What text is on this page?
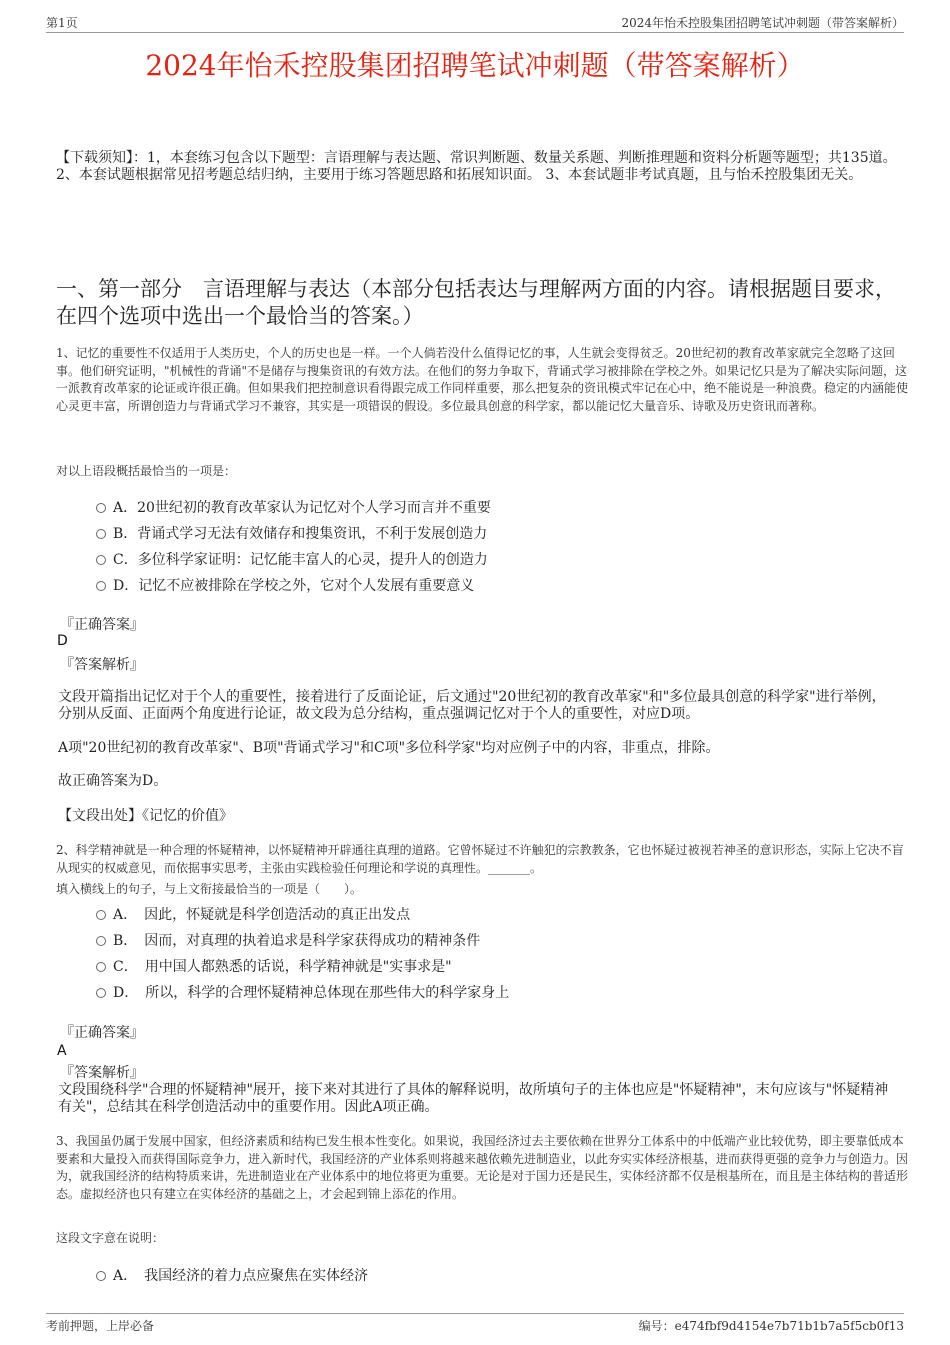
第1页	2024年怡禾控股集团招聘笔试冲刺题（带答案解析）
2024年怡禾控股集团招聘笔试冲刺题（带答案解析）
【下载须知】：1，本套练习包含以下题型：言语理解与表达题、常识判断题、数量关系题、判断推理题和资料分析题等题型；共135道。 2、本套试题根据常见招考题总结归纳，主要用于练习答题思路和拓展知识面。 3、本套试题非考试真题，且与怡禾控股集团无关。
一、第一部分　言语理解与表达（本部分包括表达与理解两方面的内容。请根据题目要求，在四个选项中选出一个最恰当的答案。）
1、记忆的重要性不仅适用于人类历史，个人的历史也是一样。一个人倘若没什么值得记忆的事，人生就会变得贫乏。20世纪初的教育改革家就完全忽略了这回事。他们研究证明，"机械性的背诵"不是储存与搜集资讯的有效方法。在他们的努力争取下，背诵式学习被排除在学校之外。如果记忆只是为了解决实际问题，这一派教育改革家的论证或许很正确。但如果我们把控制意识看得跟完成工作同样重要，那么把复杂的资讯模式牢记在心中，绝不能说是一种浪费。稳定的内涵能使心灵更丰富，所谓创造力与背诵式学习不兼容，其实是一项错误的假设。多位最具创意的科学家，都以能记忆大量音乐、诗歌及历史资讯而著称。
对以上语段概括最恰当的一项是：
A．20世纪初的教育改革家认为记忆对个人学习而言并不重要
B．背诵式学习无法有效储存和搜集资讯，不利于发展创造力
C．多位科学家证明：记忆能丰富人的心灵，提升人的创造力
D．记忆不应被排除在学校之外，它对个人发展有重要意义
『正确答案』
D
『答案解析』
文段开篇指出记忆对于个人的重要性，接着进行了反面论证，后文通过"20世纪初的教育改革家"和"多位最具创意的科学家"进行举例，分别从反面、正面两个角度进行论证，故文段为总分结构，重点强调记忆对于个人的重要性，对应D项。
A项"20世纪初的教育改革家"、B项"背诵式学习"和C项"多位科学家"均对应例子中的内容，非重点，排除。
故正确答案为D。
【文段出处】《记忆的价值》
2、科学精神就是一种合理的怀疑精神，以怀疑精神开辟通往真理的道路。它曾怀疑过不许触犯的宗教教条，它也怀疑过被视若神圣的意识形态，实际上它决不盲从现实的权威意见，而依据事实思考，主张由实践检验任何理论和学说的真理性。_______。
填入横线上的句子，与上文衔接最恰当的一项是（　　）。
A．　因此，怀疑就是科学创造活动的真正出发点
B．　因而，对真理的执着追求是科学家获得成功的精神条件
C．　用中国人都熟悉的话说，科学精神就是"实事求是"
D．　所以，科学的合理怀疑精神总体现在那些伟大的科学家身上
『正确答案』
A
『答案解析』
文段围绕科学"合理的怀疑精神"展开，接下来对其进行了具体的解释说明，故所填句子的主体也应是"怀疑精神"，末句应该与"怀疑精神有关"，总结其在科学创造活动中的重要作用。因此A项正确。
3、我国虽仍属于发展中国家，但经济素质和结构已发生根本性变化。如果说，我国经济过去主要依赖在世界分工体系中的中低端产业比较优势，即主要靠低成本要素和大量投入而获得国际竞争力，进入新时代，我国经济的产业体系则将越来越依赖先进制造业，以此夯实实体经济根基，进而获得更强的竞争力与创造力。因为，就我国经济的结构特质来讲，先进制造业在产业体系中的地位将更为重要。无论是对于国力还是民生，实体经济都不仅是根基所在，而且是主体结构的普适形态。虚拟经济也只有建立在实体经济的基础之上，才会起到锦上添花的作用。
这段文字意在说明：
A．　我国经济的着力点应聚焦在实体经济
考前押题，上岸必备	编号：e474fbf9d4154e7b71b1b7a5f5cb0f13
